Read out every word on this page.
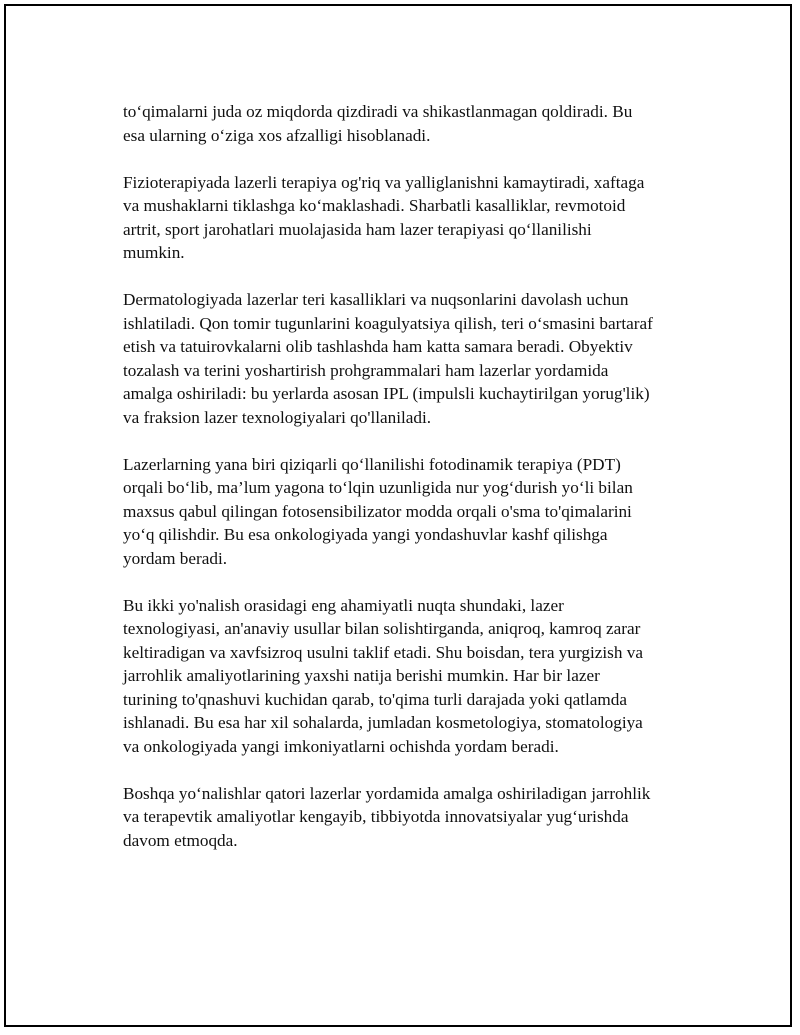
to‘qimalarni juda oz miqdorda qizdiradi va shikastlanmagan qoldiradi. Bu
esa ularning o‘ziga xos afzalligi hisoblanadi.

Fizioterapiyada lazerli terapiya og'riq va yalliglanishni kamaytiradi, xaftaga
va mushaklarni tiklashga ko‘maklashadi. Sharbatli kasalliklar, revmotoid
artrit, sport jarohatlari muolajasida ham lazer terapiyasi qo‘llanilishi
mumkin.

Dermatologiyada lazerlar teri kasalliklari va nuqsonlarini davolash uchun
ishlatiladi. Qon tomir tugunlarini koagulyatsiya qilish, teri o‘smasini bartaraf
etish va tatuirovkalarni olib tashlashda ham katta samara beradi. Obyektiv
tozalash va terini yoshartirish prohgrammalari ham lazerlar yordamida
amalga oshiriladi: bu yerlarda asosan IPL (impulsli kuchaytirilgan yorug'lik)
va fraksion lazer texnologiyalari qo'llaniladi.

Lazerlarning yana biri qiziqarli qo‘llanilishi fotodinamik terapiya (PDT)
orqali bo‘lib, ma’lum yagona to‘lqin uzunligida nur yog‘durish yo‘li bilan
maxsus qabul qilingan fotosensibilizator modda orqali o'sma to'qimalarini
yo‘q qilishdir. Bu esa onkologiyada yangi yondashuvlar kashf qilishga
yordam beradi.

Bu ikki yo'nalish orasidagi eng ahamiyatli nuqta shundaki, lazer
texnologiyasi, an'anaviy usullar bilan solishtirganda, aniqroq, kamroq zarar
keltiradigan va xavfsizroq usulni taklif etadi. Shu boisdan, tera yurgizish va
jarrohlik amaliyotlarining yaxshi natija berishi mumkin. Har bir lazer
turining to'qnashuvi kuchidan qarab, to'qima turli darajada yoki qatlamda
ishlanadi. Bu esa har xil sohalarda, jumladan kosmetologiya, stomatologiya
va onkologiyada yangi imkoniyatlarni ochishda yordam beradi.

Boshqa yo‘nalishlar qatori lazerlar yordamida amalga oshiriladigan jarrohlik
va terapevtik amaliyotlar kengayib, tibbiyotda innovatsiyalar yug‘urishda
davom etmoqda.
